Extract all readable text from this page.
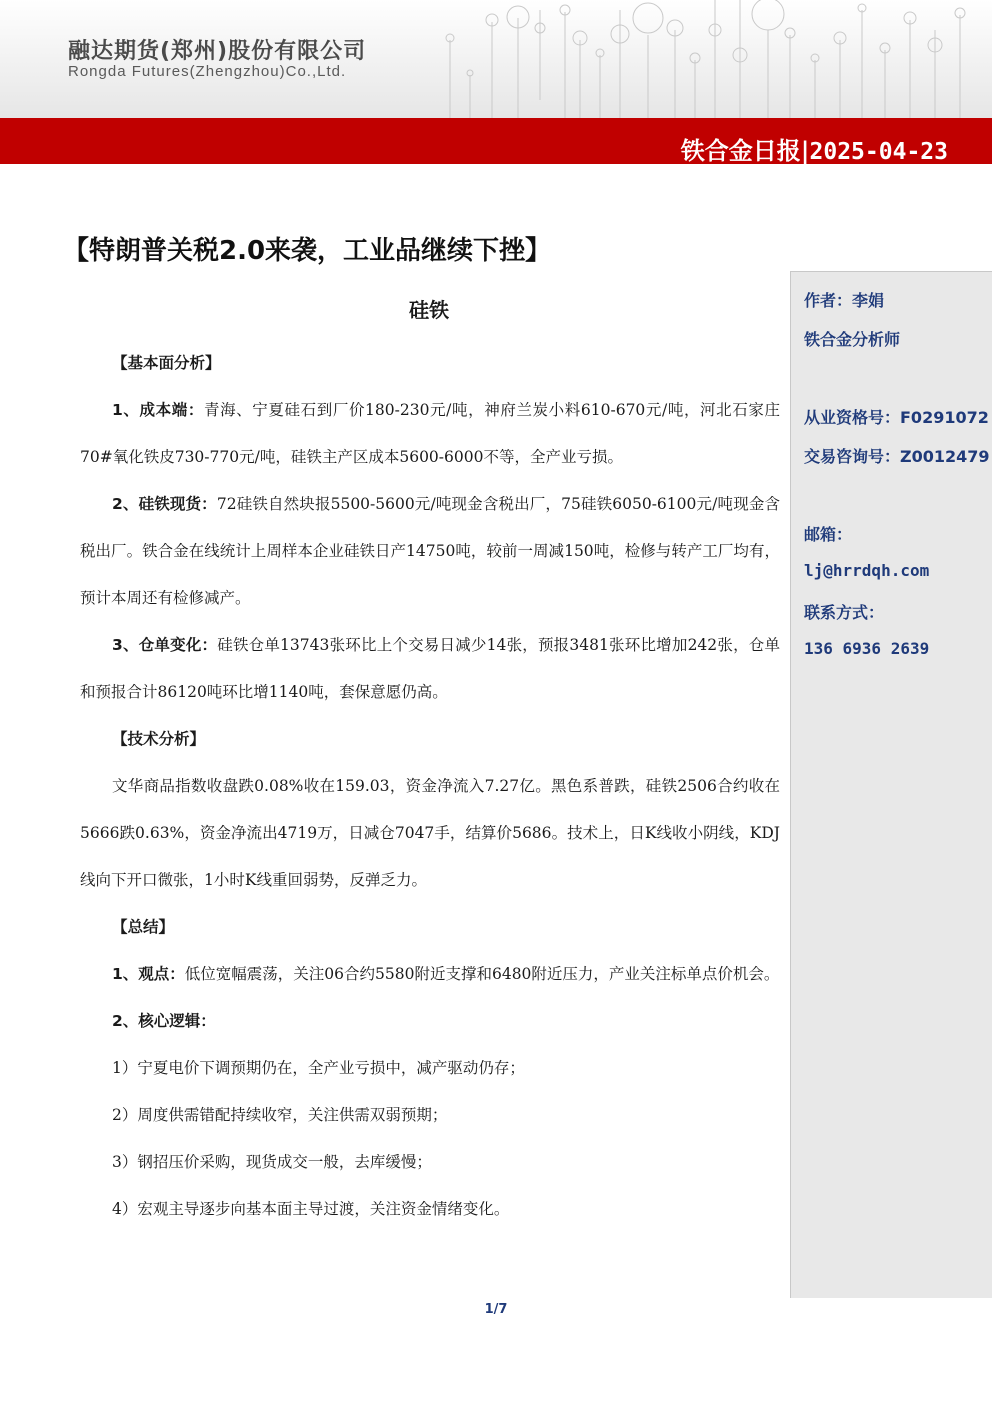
融达期货(郑州)股份有限公司
Rongda Futures(Zhengzhou)Co.,Ltd.
铁合金日报|2025-04-23
【特朗普关税2.0来袭，工业品继续下挫】
硅铁	作者：李娟
铁合金分析师
从业资格号：F0291072
交易咨询号：Z0012479
邮箱：
lj@hrrdqh.com
联系方式：
136 6936 2639
【基本面分析】

1、成本端：青海、宁夏硅石到厂价180-230元/吨，神府兰炭小料610-670元/吨，河北石家庄70#氧化铁皮730-770元/吨，硅铁主产区成本5600-6000不等，全产业亏损。

2、硅铁现货：72硅铁自然块报5500-5600元/吨现金含税出厂，75硅铁6050-6100元/吨现金含税出厂。铁合金在线统计上周样本企业硅铁日产14750吨，较前一周减150吨，检修与转产工厂均有，预计本周还有检修减产。

3、仓单变化：硅铁仓单13743张环比上个交易日减少14张，预报3481张环比增加242张，仓单和预报合计86120吨环比增1140吨，套保意愿仍高。

【技术分析】

文华商品指数收盘跌0.08%收在159.03，资金净流入7.27亿。黑色系普跌，硅铁2506合约收在5666跌0.63%，资金净流出4719万，日减仓7047手，结算价5686。技术上，日K线收小阴线，KDJ线向下开口微张，1小时K线重回弱势，反弹乏力。

【总结】

1、观点：低位宽幅震荡，关注06合约5580附近支撑和6480附近压力，产业关注标单点价机会。

2、核心逻辑：
1）宁夏电价下调预期仍在，全产业亏损中，减产驱动仍存；
2）周度供需错配持续收窄，关注供需双弱预期；
3）钢招压价采购，现货成交一般，去库缓慢；
4）宏观主导逐步向基本面主导过渡，关注资金情绪变化。
1/7
